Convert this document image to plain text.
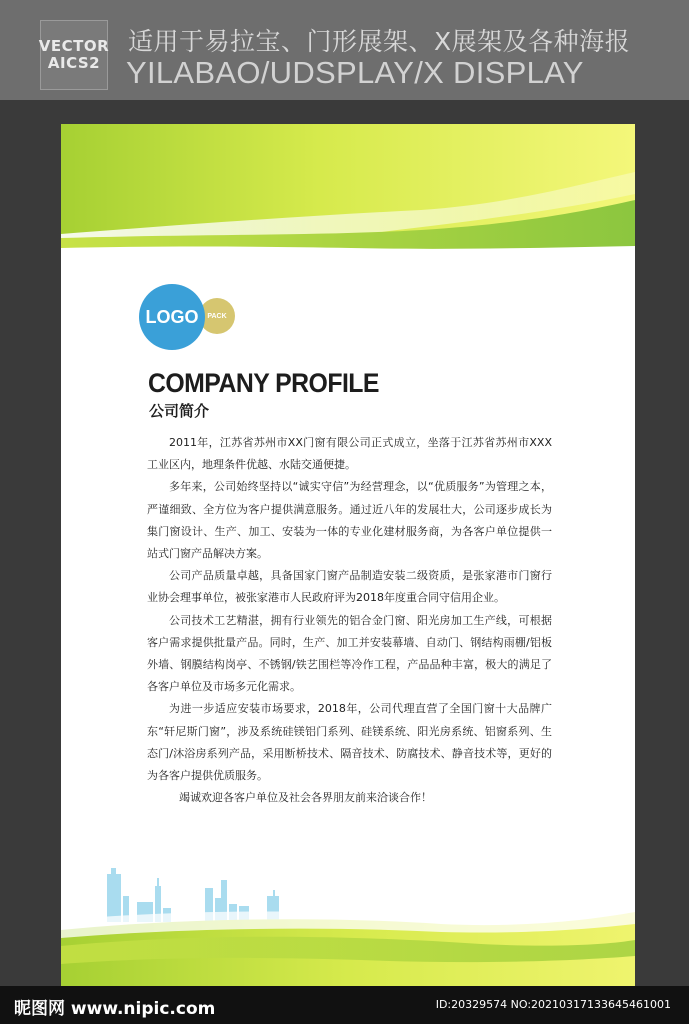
VECTOR
AICS2
适用于易拉宝、门形展架、X展架及各种海报
YILABAO/UDSPLAY/X DISPLAY
PACK
LOGO
COMPANY PROFILE
公司简介

2011年，江苏省苏州市XX门窗有限公司正式成立，坐落于江苏省苏州市XXX工业区内，地理条件优越、水陆交通便捷。

多年来，公司始终坚持以“诚实守信”为经营理念，以“优质服务”为管理之本，严谨细致、全方位为客户提供满意服务。通过近八年的发展壮大，公司逐步成长为集门窗设计、生产、加工、安装为一体的专业化建材服务商，为各客户单位提供一站式门窗产品解决方案。

公司产品质量卓越，具备国家门窗产品制造安装二级资质，是张家港市门窗行业协会理事单位，被张家港市人民政府评为2018年度重合同守信用企业。

公司技术工艺精湛，拥有行业领先的铝合金门窗、阳光房加工生产线，可根据客户需求提供批量产品。同时，生产、加工并安装幕墙、自动门、钢结构雨棚/铝板外墙、钢膜结构岗亭、不锈钢/铁艺围栏等冷作工程，产品品种丰富，极大的满足了各客户单位及市场多元化需求。

为进一步适应安装市场要求，2018年，公司代理直营了全国门窗十大品牌广东“轩尼斯门窗”，涉及系统硅镁铝门系列、硅镁系统、阳光房系统、铝窗系列、生态门/沐浴房系列产品，采用断桥技术、隔音技术、防腐技术、静音技术等，更好的为各客户提供优质服务。

竭诚欢迎各客户单位及社会各界朋友前来洽谈合作！

昵图网 www.nipic.com	ID:20329574 NO:20210317133645461001
